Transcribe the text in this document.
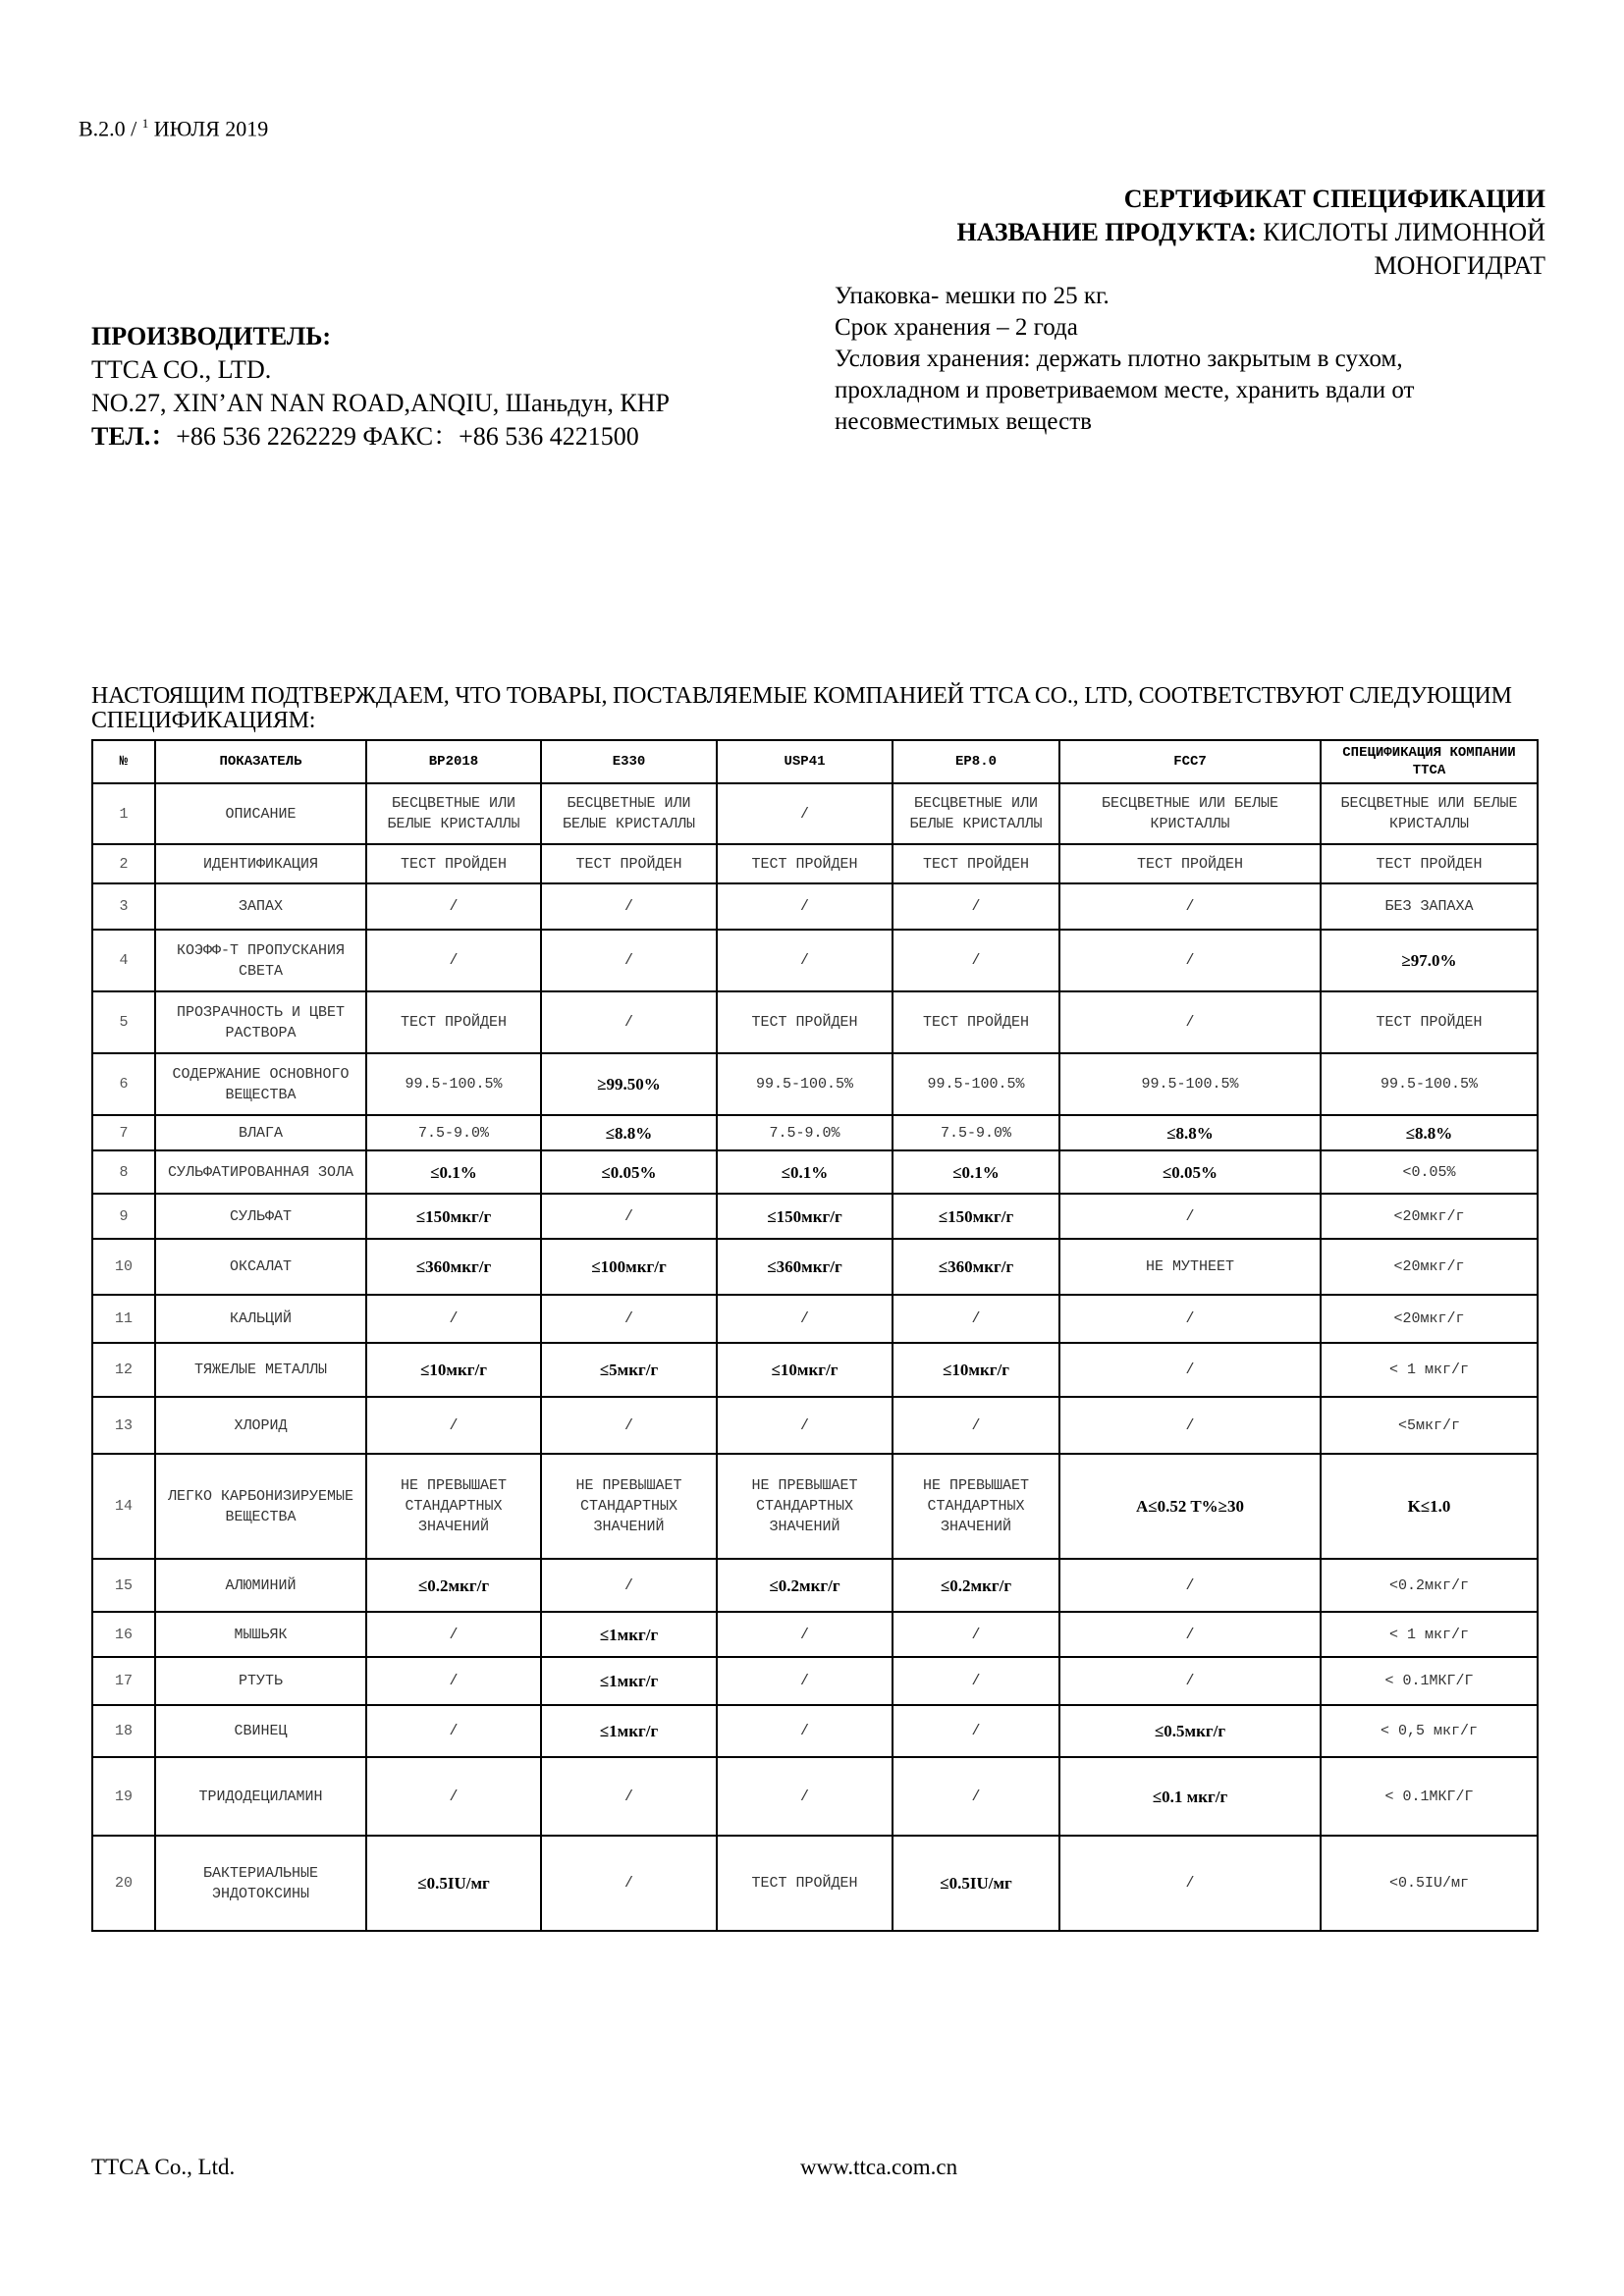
B.2.0 / $^1$ ИЮЛЯ 2019
СЕРТИФИКАТ СПЕЦИФИКАЦИИ
НАЗВАНИЕ ПРОДУКТА: КИСЛОТЫ ЛИМОННОЙ
МОНОГИДРАТ
Упаковка- мешки по 25 кг.
Срок хранения – 2 года
Условия хранения: держать плотно закрытым в сухом, прохладном и проветриваемом месте, хранить вдали от несовместимых веществ
ПРОИЗВОДИТЕЛЬ:
TTCA CO., LTD.
NO.27, XIN’AN NAN ROAD,ANQIU, Шаньдун, КНР
ТЕЛ.：+86 536 2262229 ФАКС：+86 536 4221500
НАСТОЯЩИМ ПОДТВЕРЖДАЕМ, ЧТО ТОВАРЫ, ПОСТАВЛЯЕМЫЕ КОМПАНИЕЙ TTCA CO., LTD, СООТВЕТСТВУЮТ СЛЕДУЮЩИМ СПЕЦИФИКАЦИЯМ:
№	ПОКАЗАТЕЛЬ	BP2018	E330	USP41	EP8.0	FCC7	СПЕЦИФИКАЦИЯ КОМПАНИИ TTCA
1	ОПИСАНИЕ	БЕСЦВЕТНЫЕ ИЛИ БЕЛЫЕ КРИСТАЛЛЫ	БЕСЦВЕТНЫЕ ИЛИ БЕЛЫЕ КРИСТАЛЛЫ	/	БЕСЦВЕТНЫЕ ИЛИ БЕЛЫЕ КРИСТАЛЛЫ	БЕСЦВЕТНЫЕ ИЛИ БЕЛЫЕ КРИСТАЛЛЫ	БЕСЦВЕТНЫЕ ИЛИ БЕЛЫЕ КРИСТАЛЛЫ
2	ИДЕНТИФИКАЦИЯ	ТЕСТ ПРОЙДЕН	ТЕСТ ПРОЙДЕН	ТЕСТ ПРОЙДЕН	ТЕСТ ПРОЙДЕН	ТЕСТ ПРОЙДЕН	ТЕСТ ПРОЙДЕН
3	ЗАПАХ	/	/	/	/	/	БЕЗ ЗАПАХА
4	КОЭФФ-Т ПРОПУСКАНИЯ СВЕТА	/	/	/	/	/	≥97.0%
5	ПРОЗРАЧНОСТЬ И ЦВЕТ РАСТВОРА	ТЕСТ ПРОЙДЕН	/	ТЕСТ ПРОЙДЕН	ТЕСТ ПРОЙДЕН	/	ТЕСТ ПРОЙДЕН
6	СОДЕРЖАНИЕ ОСНОВНОГО ВЕЩЕСТВА	99.5-100.5%	≥99.50%	99.5-100.5%	99.5-100.5%	99.5-100.5%	99.5-100.5%
7	ВЛАГА	7.5-9.0%	≤8.8%	7.5-9.0%	7.5-9.0%	≤8.8%	≤8.8%
8	СУЛЬФАТИРОВАННАЯ ЗОЛА	≤0.1%	≤0.05%	≤0.1%	≤0.1%	≤0.05%	<0.05%
9	СУЛЬФАТ	≤150мкг/г	/	≤150мкг/г	≤150мкг/г	/	<20мкг/г
10	ОКСАЛАТ	≤360мкг/г	≤100мкг/г	≤360мкг/г	≤360мкг/г	НЕ МУТНЕЕТ	<20мкг/г
11	КАЛЬЦИЙ	/	/	/	/	/	<20мкг/г
12	ТЯЖЕЛЫЕ МЕТАЛЛЫ	≤10мкг/г	≤5мкг/г	≤10мкг/г	≤10мкг/г	/	< 1 мкг/г
13	ХЛОРИД	/	/	/	/	/	<5мкг/г
14	ЛЕГКО КАРБОНИЗИРУЕМЫЕ ВЕЩЕСТВА	НЕ ПРЕВЫШАЕТ СТАНДАРТНЫХ ЗНАЧЕНИЙ	НЕ ПРЕВЫШАЕТ СТАНДАРТНЫХ ЗНАЧЕНИЙ	НЕ ПРЕВЫШАЕТ СТАНДАРТНЫХ ЗНАЧЕНИЙ	НЕ ПРЕВЫШАЕТ СТАНДАРТНЫХ ЗНАЧЕНИЙ	A≤0.52 T%≥30	K≤1.0
15	АЛЮМИНИЙ	≤0.2мкг/г	/	≤0.2мкг/г	≤0.2мкг/г	/	<0.2мкг/г
16	МЫШЬЯК	/	≤1мкг/г	/	/	/	< 1 мкг/г
17	РТУТЬ	/	≤1мкг/г	/	/	/	< 0.1МКГ/Г
18	СВИНЕЦ	/	≤1мкг/г	/	/	≤0.5мкг/г	< 0,5 мкг/г
19	ТРИДОДЕЦИЛАМИН	/	/	/	/	≤0.1 мкг/г	< 0.1МКГ/Г
20	БАКТЕРИАЛЬНЫЕ ЭНДОТОКСИНЫ	≤0.5IU/мг	/	ТЕСТ ПРОЙДЕН	≤0.5IU/мг	/	<0.5IU/мг
TTCA Co., Ltd.	www.ttca.com.cn
